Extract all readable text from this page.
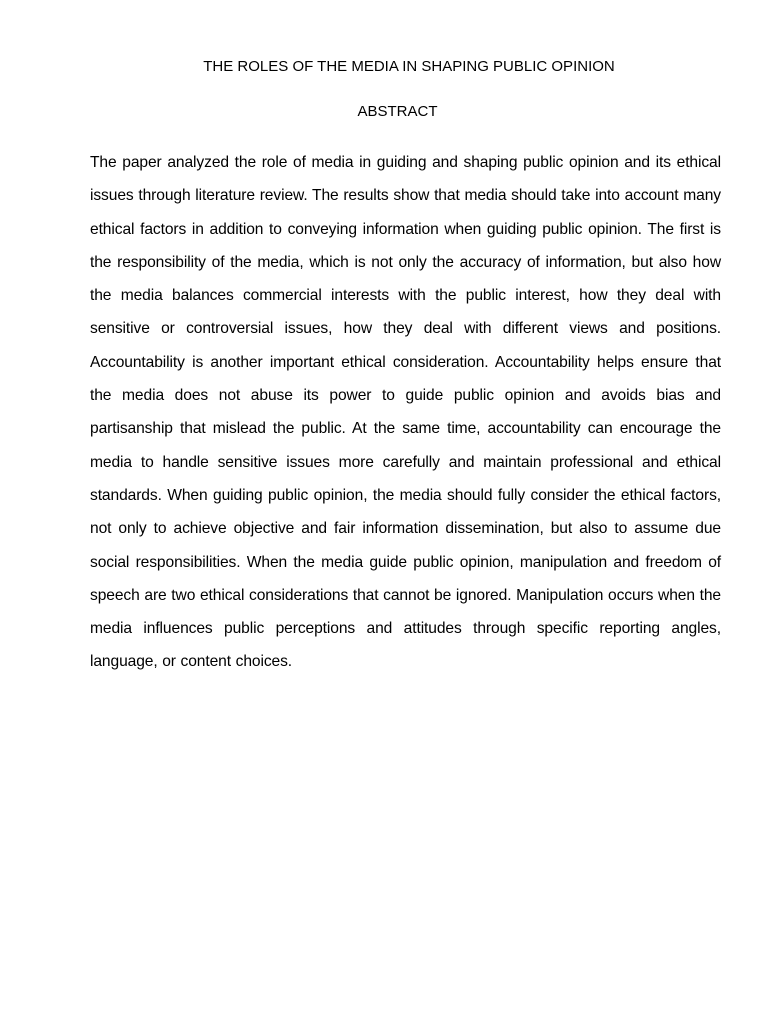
THE ROLES OF THE MEDIA IN SHAPING PUBLIC OPINION
ABSTRACT

The paper analyzed the role of media in guiding and shaping public opinion and its ethical issues through literature review. The results show that media should take into account many ethical factors in addition to conveying information when guiding public opinion. The first is the responsibility of the media, which is not only the accuracy of information, but also how the media balances commercial interests with the public interest, how they deal with sensitive or controversial issues, how they deal with different views and positions. Accountability is another important ethical consideration. Accountability helps ensure that the media does not abuse its power to guide public opinion and avoids bias and partisanship that mislead the public. At the same time, accountability can encourage the media to handle sensitive issues more carefully and maintain professional and ethical standards. When guiding public opinion, the media should fully consider the ethical factors, not only to achieve objective and fair information dissemination, but also to assume due social responsibilities. When the media guide public opinion, manipulation and freedom of speech are two ethical considerations that cannot be ignored. Manipulation occurs when the media influences public perceptions and attitudes through specific reporting angles, language, or content choices.
